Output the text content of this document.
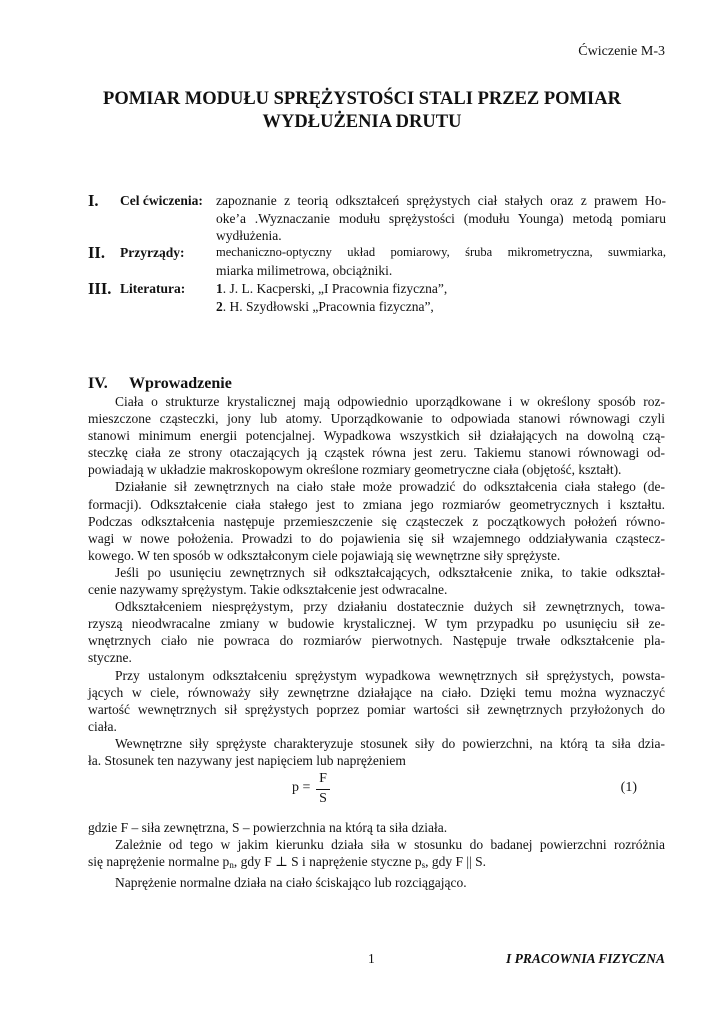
Ćwiczenie M-3
POMIAR MODUŁU SPRĘŻYSTOŚCI STALI PRZEZ POMIAR
WYDŁUŻENIA DRUTU
I. Cel ćwiczenia: zapoznanie z teorią odkształceń sprężystych ciał stałych oraz z prawem Ho-
oke’a .Wyznaczanie modułu sprężystości (modułu Younga) metodą pomiaru
wydłużenia.
II. Przyrządy:	mechaniczno-optyczny układ pomiarowy, śruba mikrometryczna, suwmiarka,
miarka milimetrowa, obciążniki.
III. Literatura: 1. J. L. Kacperski, „I Pracownia fizyczna”,
2. H. Szydłowski „Pracownia fizyczna”,
IV. Wprowadzenie
Ciała o strukturze krystalicznej mają odpowiednio uporządkowane i w określony sposób roz-
mieszczone cząsteczki, jony lub atomy. Uporządkowanie to odpowiada stanowi równowagi czyli
stanowi minimum energii potencjalnej. Wypadkowa wszystkich sił działających na dowolną czą-
steczkę ciała ze strony otaczających ją cząstek równa jest zeru. Takiemu stanowi równowagi od-
powiadają w układzie makroskopowym określone rozmiary geometryczne ciała (objętość, kształt).
Działanie sił zewnętrznych na ciało stałe może prowadzić do odkształcenia ciała stałego (de-
formacji). Odkształcenie ciała stałego jest to zmiana jego rozmiarów geometrycznych i kształtu.
Podczas odkształcenia następuje przemieszczenie się cząsteczek z początkowych położeń równo-
wagi w nowe położenia. Prowadzi to do pojawienia się sił wzajemnego oddziaływania cząstecz-
kowego. W ten sposób w odkształconym ciele pojawiają się wewnętrzne siły sprężyste.
Jeśli po usunięciu zewnętrznych sił odkształcających, odkształcenie znika, to takie odkształ-
cenie nazywamy sprężystym. Takie odkształcenie jest odwracalne.
Odkształceniem niesprężystym, przy działaniu dostatecznie dużych sił zewnętrznych, towa-
rzyszą nieodwracalne zmiany w budowie krystalicznej. W tym przypadku po usunięciu sił ze-
wnętrznych ciało nie powraca do rozmiarów pierwotnych. Następuje trwałe odkształcenie pla-
styczne.
Przy ustalonym odkształceniu sprężystym wypadkowa wewnętrznych sił sprężystych, powsta-
jących w ciele, równoważy siły zewnętrzne działające na ciało. Dzięki temu można wyznaczyć
wartość wewnętrznych sił sprężystych poprzez pomiar wartości sił zewnętrznych przyłożonych do
ciała.
Wewnętrzne siły sprężyste charakteryzuje stosunek siły do powierzchni, na którą ta siła dzia-
ła. Stosunek ten nazywany jest napięciem lub naprężeniem
p =
F
S
(1)
gdzie F – siła zewnętrzna, S – powierzchnia na którą ta siła działa.
Zależnie od tego w jakim kierunku działa siła w stosunku do badanej powierzchni rozróżnia
się naprężenie normalne $p_n$, gdy F ⊥ S i naprężenie styczne $p_s$, gdy F || S.
Naprężenie normalne działa na ciało ściskająco lub rozciągająco.
1	I PRACOWNIA FIZYCZNA
